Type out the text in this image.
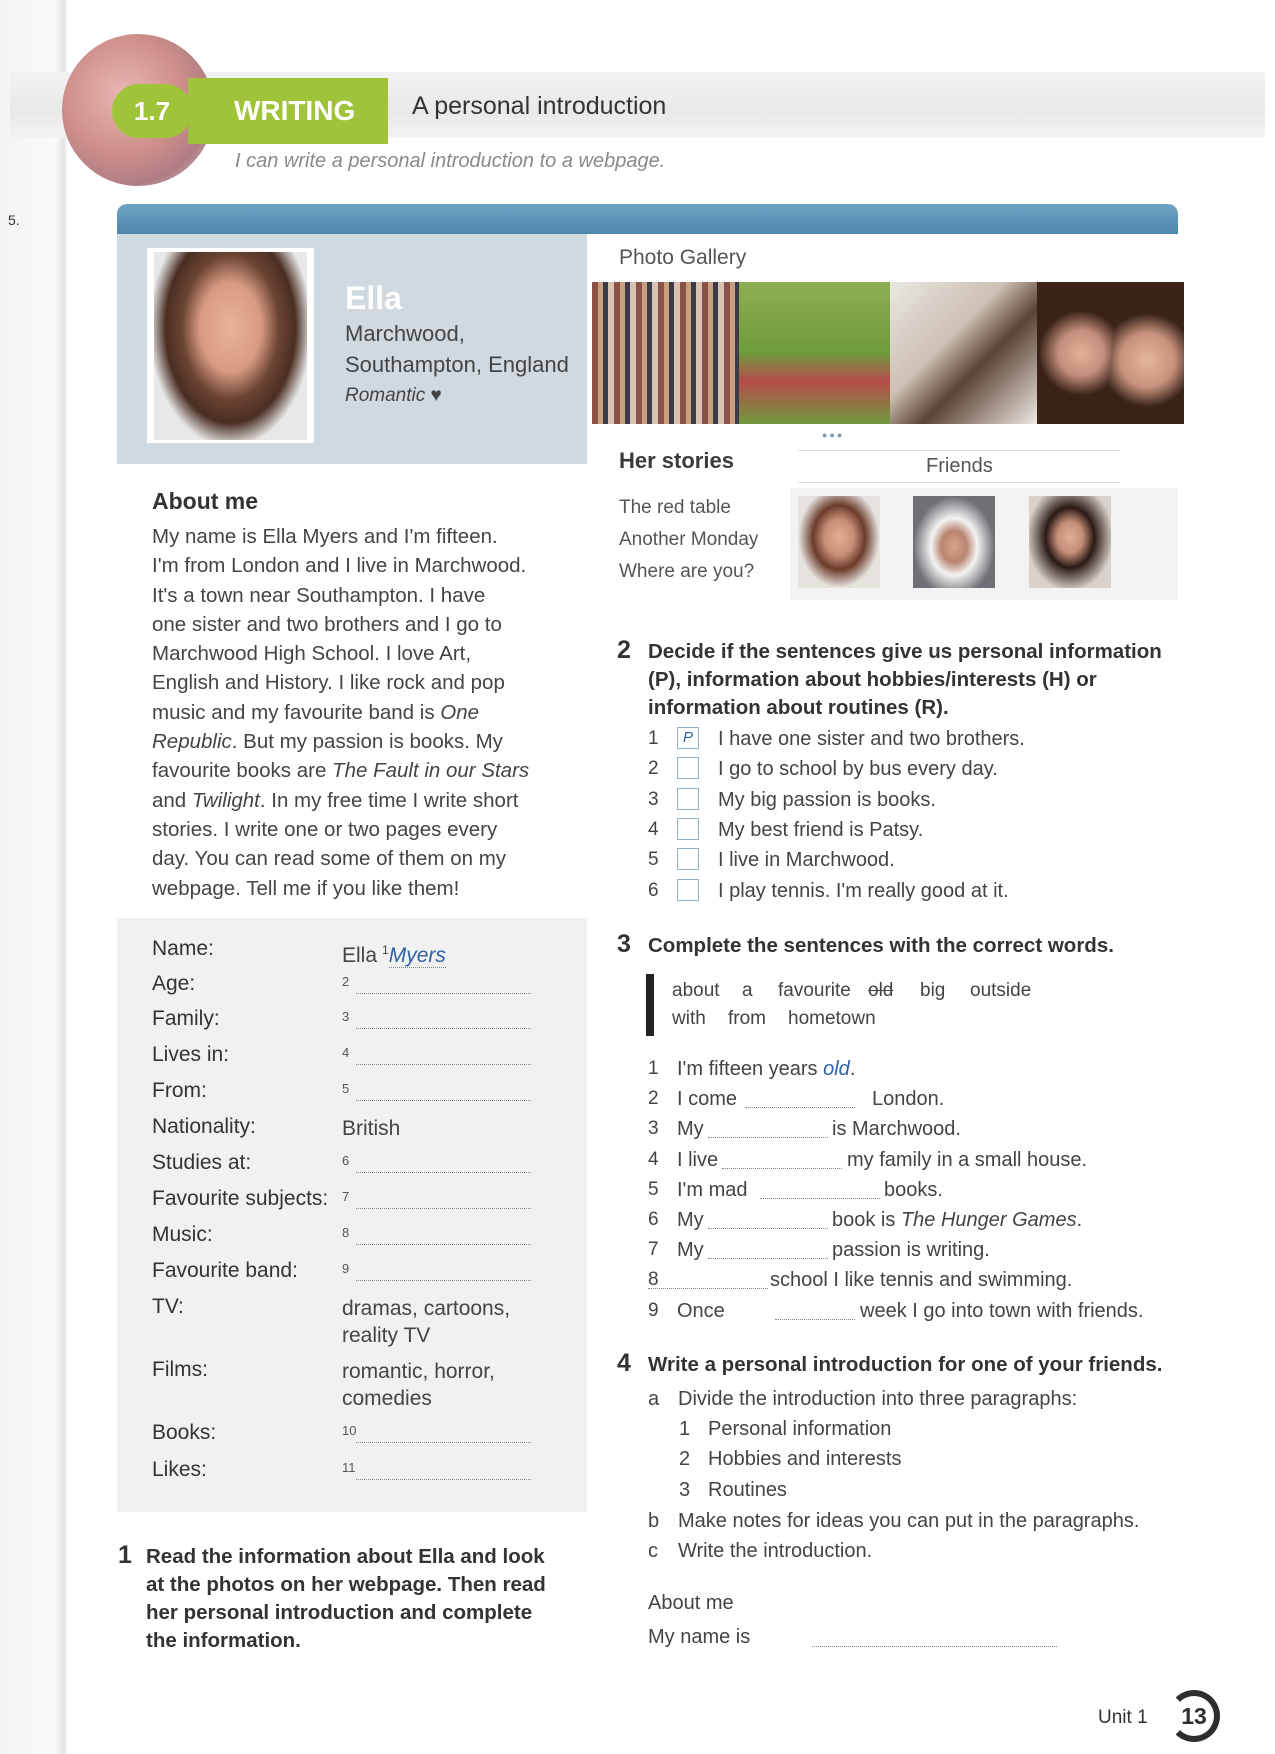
1.7	WRITING	A personal introduction
I can write a personal introduction to a webpage.
5.
Ella
Marchwood,
Southampton, England
Romantic ♥
Photo Gallery
●●●
Her stories
The red table
Another Monday
Where are you?
Friends
About me
My name is Ella Myers and I'm fifteen.
I'm from London and I live in Marchwood.
It's a town near Southampton. I have
one sister and two brothers and I go to
Marchwood High School. I love Art,
English and History. I like rock and pop
music and my favourite band is One
Republic. But my passion is books. My
favourite books are The Fault in our Stars
and Twilight. In my free time I write short
stories. I write one or two pages every
day. You can read some of them on my
webpage. Tell me if you like them!
Name:	Ella $^1$Myers
Age:	2
Family:	3
Lives in:	4
From:	5
Nationality:	British
Studies at:	6
Favourite subjects: 7
Music:	8
Favourite band:	9
TV:	dramas, cartoons,
reality TV
Films:	romantic, horror,
comedies
Books:	10
Likes:	11
1 Read the information about Ella and look
at the photos on her webpage. Then read
her personal introduction and complete
the information.
2 Decide if the sentences give us personal information
(P), information about hobbies/interests (H) or
information about routines (R).
1	P	I have one sister and two brothers.
2	I go to school by bus every day.
3	My big passion is books.
4	My best friend is Patsy.
5	I live in Marchwood.
6	I play tennis. I'm really good at it.
3 Complete the sentences with the correct words.
about a favourite old big outside
with from hometown
1 I'm fifteen years old.
2 I come	London.
3 My	is Marchwood.
4 I live	my family in a small house.
5 I'm mad	books.
6 My	book is The Hunger Games.
7 My	passion is writing.
8	school I like tennis and swimming.
9 Once	week I go into town with friends.
4 Write a personal introduction for one of your friends.
a Divide the introduction into three paragraphs:
1 Personal information
2 Hobbies and interests
3 Routines
b Make notes for ideas you can put in the paragraphs.
c Write the introduction.
About me
My name is
Unit 1	13
